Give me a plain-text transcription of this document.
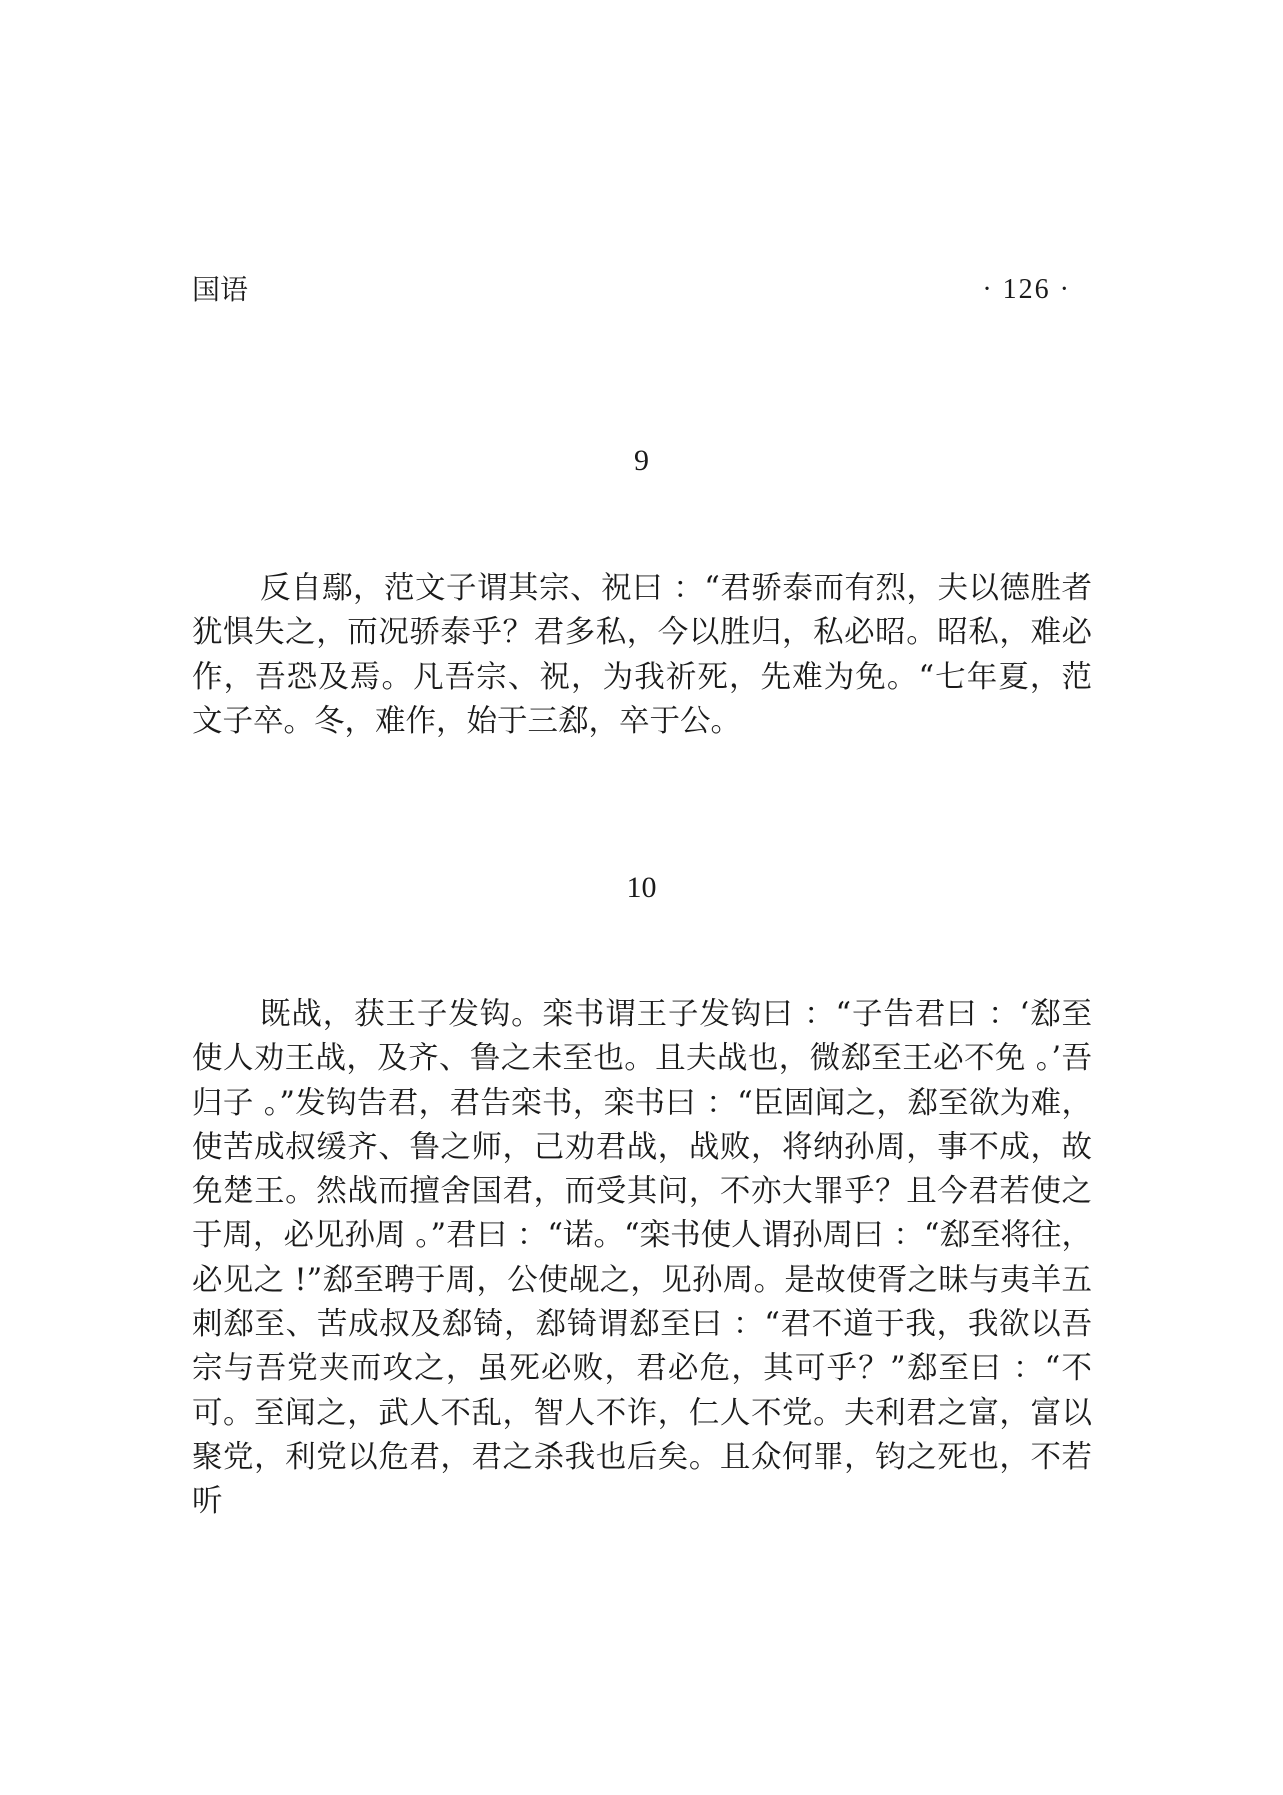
国语	· 126 ·
9

反自鄢，范文子谓其宗、祝曰 ：“君骄泰而有烈，夫以德胜者犹惧失之，而况骄泰乎？君多私，今以胜归，私必昭。昭私，难必作，吾恐及焉。凡吾宗、祝，为我祈死，先难为免。“七年夏，范文子卒。冬，难作，始于三郄，卒于公。

10

既战，获王子发钩。栾书谓王子发钩曰 ：“子告君曰 ：‘郄至使人劝王战，及齐、鲁之未至也。且夫战也，微郄至王必不免 。’吾归子 。”发钩告君，君告栾书，栾书曰 ：“臣固闻之，郄至欲为难，使苦成叔缓齐、鲁之师，己劝君战，战败，将纳孙周，事不成，故免楚王。然战而擅舍国君，而受其问，不亦大罪乎？且今君若使之于周，必见孙周 。”君曰 ：“诺。“栾书使人谓孙周曰 ：“郄至将往，必见之 !”郄至聘于周，公使觇之，见孙周。是故使胥之昧与夷羊五刺郄至、苦成叔及郄锜，郄锜谓郄至曰 ：“君不道于我，我欲以吾宗与吾党夹而攻之，虽死必败，君必危，其可乎？”郄至曰 ：“不可。至闻之，武人不乱，智人不诈，仁人不党。夫利君之富，富以聚党，利党以危君，君之杀我也后矣。且众何罪，钧之死也，不若听
